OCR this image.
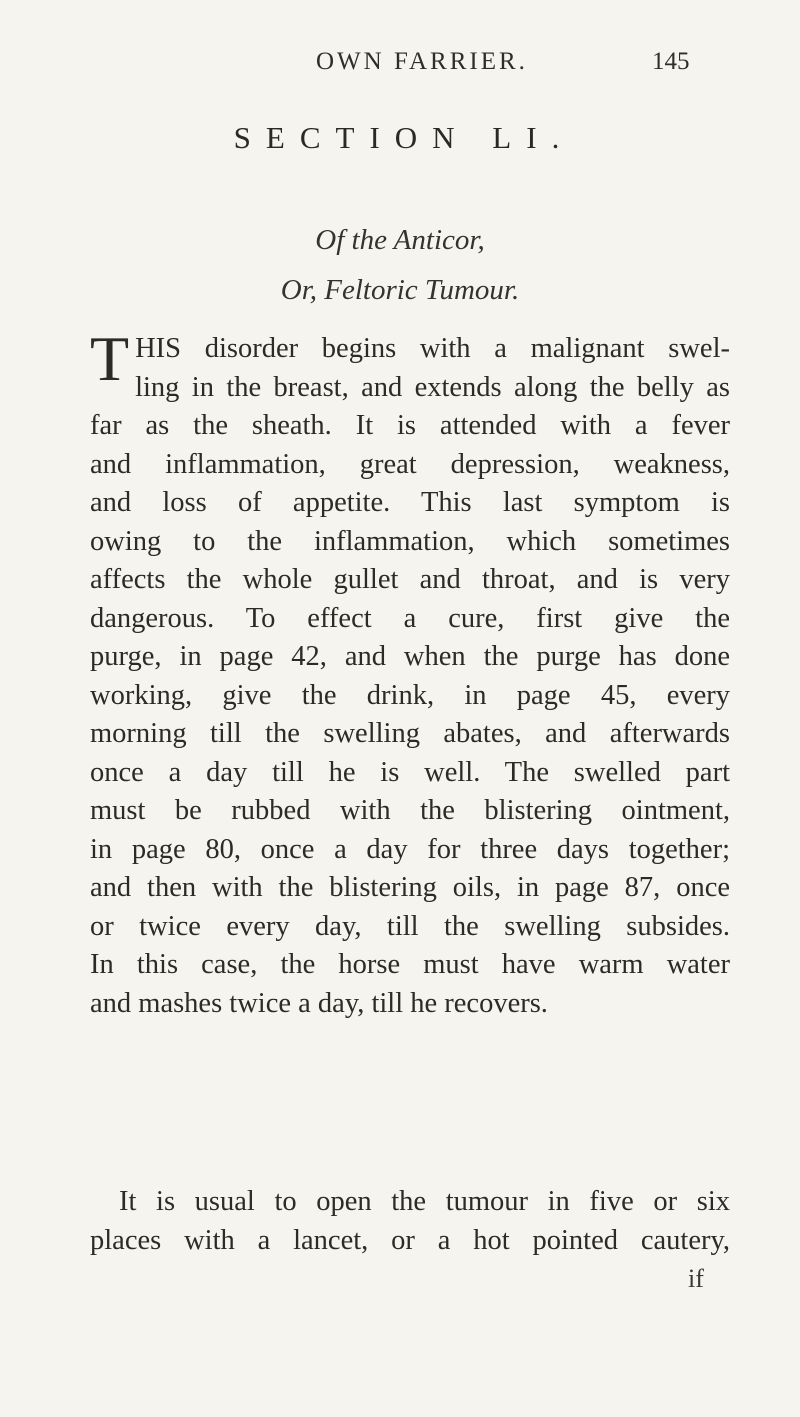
OWN FARRIER.	145
SECTION LI.
Of the Anticor,
Or, Feltoric Tumour.
T HIS disorder begins with a malignant swel-
ling in the breast, and extends along the belly as
far as the sheath. It is attended with a fever
and inflammation, great depression, weakness,
and loss of appetite. This last symptom is
owing to the inflammation, which sometimes
affects the whole gullet and throat, and is very
dangerous. To effect a cure, first give the
purge, in page 42, and when the purge has done
working, give the drink, in page 45, every
morning till the swelling abates, and afterwards
once a day till he is well. The swelled part
must be rubbed with the blistering ointment,
in page 80, once a day for three days together;
and then with the blistering oils, in page 87, once
or twice every day, till the swelling subsides.
In this case, the horse must have warm water
and mashes twice a day, till he recovers.
It is usual to open the tumour in five or six
places with a lancet, or a hot pointed cautery,
if
